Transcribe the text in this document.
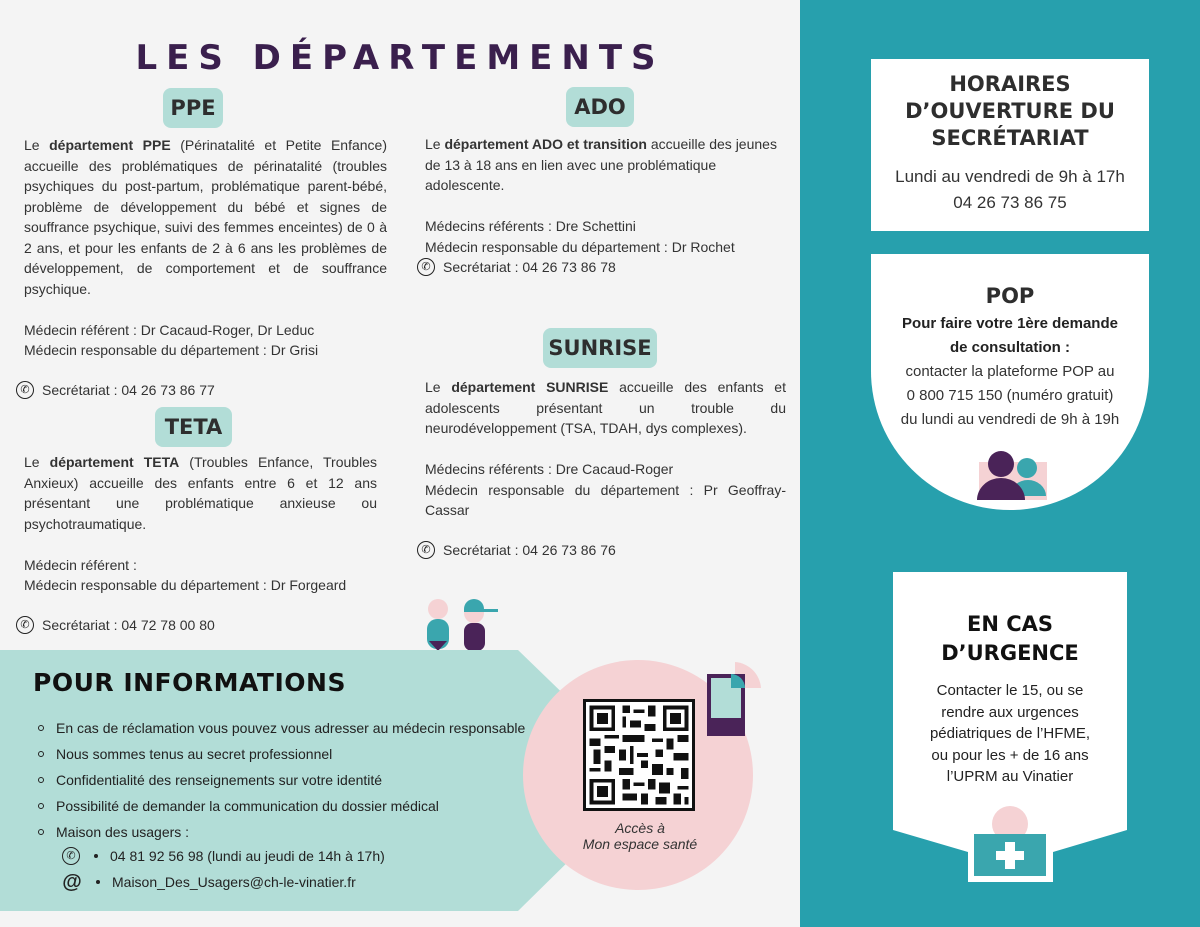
LES DÉPARTEMENTS
PPE

Le département PPE (Périnatalité et Petite Enfance) accueille des problématiques de périnatalité (troubles psychiques du post-partum, problématique parent-bébé, problème de développement du bébé et signes de souffrance psychique, suivi des femmes enceintes) de 0 à 2 ans, et pour les enfants de 2 à 6 ans les problèmes de développement, de comportement et de souffrance psychique.

Médecin référent : Dr Cacaud-Roger, Dr Leduc

Médecin responsable du département : Dr Grisi

✆ Secrétariat : 04 26 73 86 77
TETA

Le département TETA (Troubles Enfance, Troubles Anxieux) accueille des enfants entre 6 et 12 ans présentant une problématique anxieuse ou psychotraumatique.

Médecin référent :

Médecin responsable du département : Dr Forgeard

✆ Secrétariat : 04 72 78 00 80
ADO

Le département ADO et transition accueille des jeunes de 13 à 18 ans en lien avec une problématique adolescente.

Médecins référents : Dre Schettini

Médecin responsable du département : Dr Rochet

✆ Secrétariat : 04 26 73 86 78
SUNRISE

Le département SUNRISE accueille des enfants et adolescents présentant un trouble du neurodéveloppement (TSA, TDAH, dys complexes).

Médecins référents : Dre Cacaud-Roger

Médecin responsable du département : Pr Geoffray-Cassar

✆ Secrétariat : 04 26 73 86 76
POUR INFORMATIONS
En cas de réclamation vous pouvez vous adresser au médecin responsable
Nous sommes tenus au secret professionnel
Confidentialité des renseignements sur votre identité
Possibilité de demander la communication du dossier médical
Maison des usagers :
✆	04 81 92 56 98 (lundi au jeudi de 14h à 17h)
@ Maison_Des_Usagers@ch-le-vinatier.fr
Accès à
Mon espace santé
HORAIRES
D’OUVERTURE DU
SECRÉTARIAT
Lundi au vendredi de 9h à 17h
04 26 73 86 75
POP
Pour faire votre 1ère demande
de consultation :
contacter la plateforme POP au
0 800 715 150 (numéro gratuit)
du lundi au vendredi de 9h à 19h
EN CAS
D’URGENCE
Contacter le 15, ou se
rendre aux urgences
pédiatriques de l’HFME,
ou pour les + de 16 ans
l’UPRM au Vinatier
